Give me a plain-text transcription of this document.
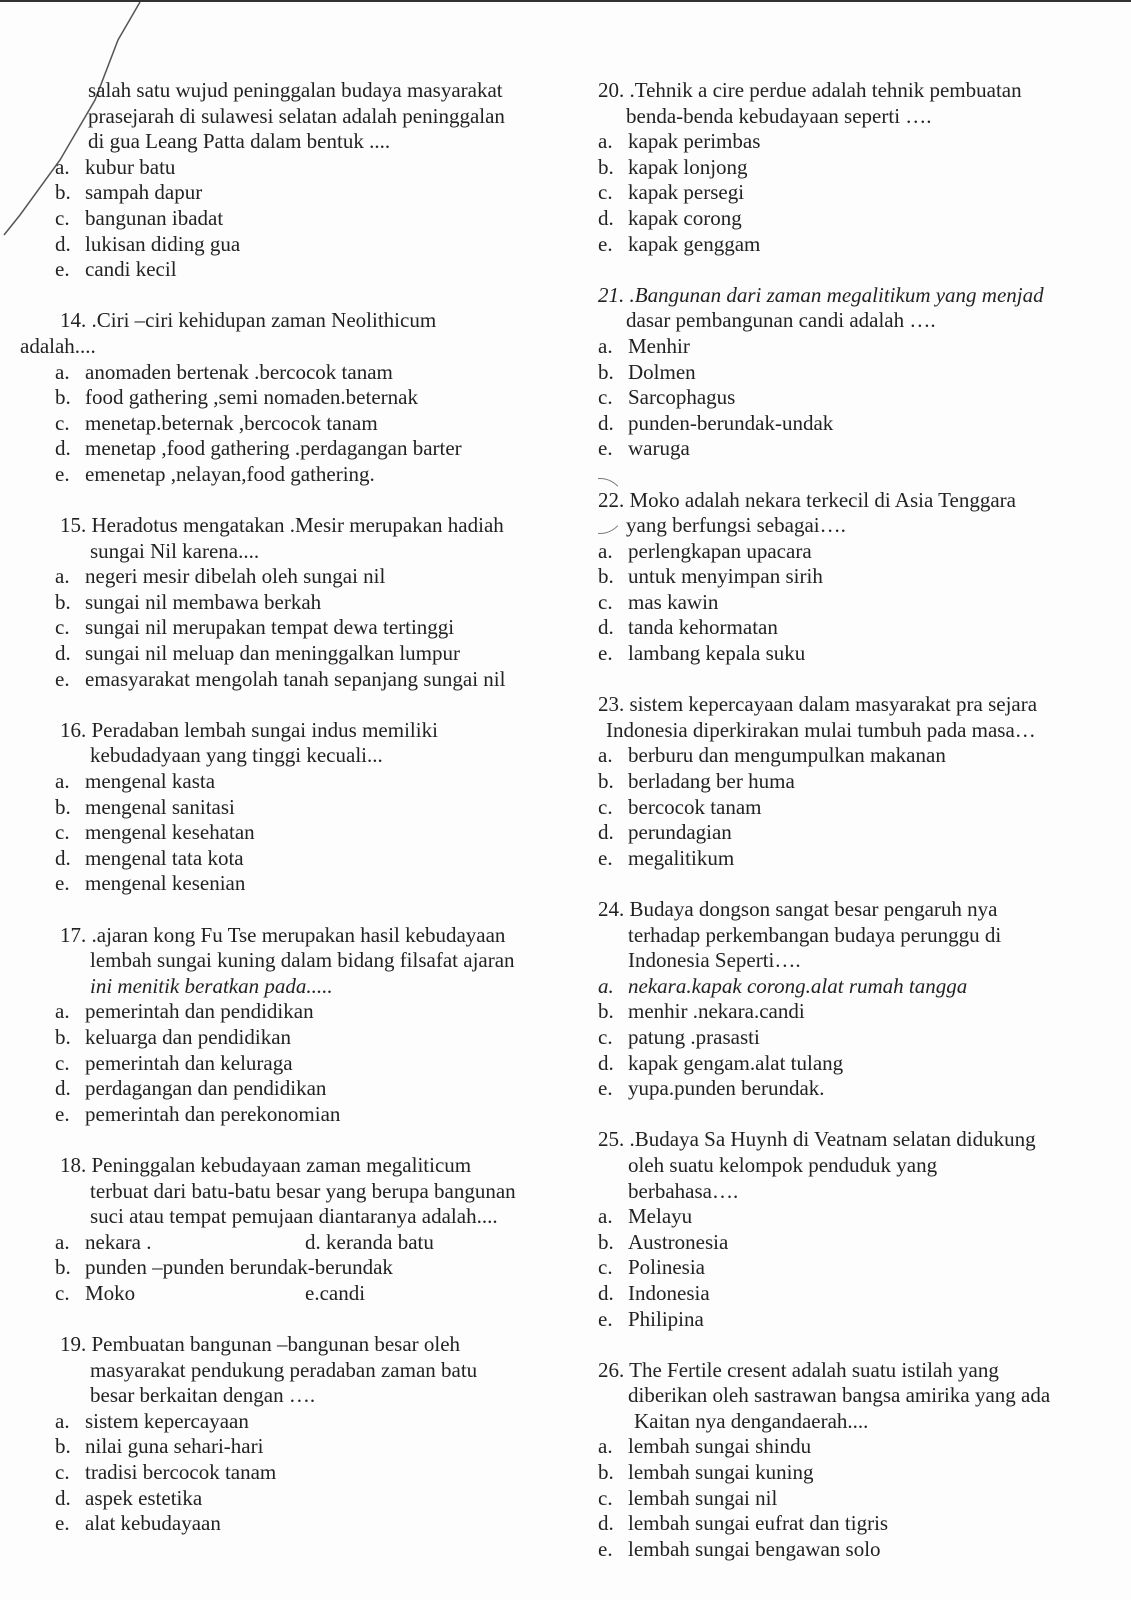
salah satu wujud peninggalan budaya masyarakat
prasejarah di sulawesi selatan adalah peninggalan
di gua Leang Patta dalam bentuk ....
a. kubur batu
b. sampah dapur
c. bangunan ibadat
d. lukisan diding gua
e. candi kecil
14. .Ciri –ciri kehidupan zaman Neolithicum
adalah....
a. anomaden bertenak .bercocok tanam
b. food gathering ,semi nomaden.beternak
c. menetap.beternak ,bercocok tanam
d. menetap ,food gathering .perdagangan barter
e. emenetap ,nelayan,food gathering.
15. Heradotus mengatakan .Mesir merupakan hadiah
sungai Nil karena....
a. negeri mesir dibelah oleh sungai nil
b. sungai nil membawa berkah
c. sungai nil merupakan tempat dewa tertinggi
d. sungai nil meluap dan meninggalkan lumpur
e. emasyarakat mengolah tanah sepanjang sungai nil
16. Peradaban lembah sungai indus memiliki
kebudadyaan yang tinggi kecuali...
a. mengenal kasta
b. mengenal sanitasi
c. mengenal kesehatan
d. mengenal tata kota
e. mengenal kesenian
17. .ajaran kong Fu Tse merupakan hasil kebudayaan
lembah sungai kuning dalam bidang filsafat ajaran
ini menitik beratkan pada.....
a. pemerintah dan pendidikan
b. keluarga dan pendidikan
c. pemerintah dan keluraga
d. perdagangan dan pendidikan
e. pemerintah dan perekonomian
18. Peninggalan kebudayaan zaman megaliticum
terbuat dari batu-batu besar yang berupa bangunan
suci atau tempat pemujaan diantaranya adalah....
a. nekara .	d. keranda batu
b. punden –punden berundak-berundak
c. Moko	e.candi
19. Pembuatan bangunan –bangunan besar oleh
masyarakat pendukung peradaban zaman batu
besar berkaitan dengan ….
a. sistem kepercayaan
b. nilai guna sehari-hari
c. tradisi bercocok tanam
d. aspek estetika
e. alat kebudayaan
20. .Tehnik a cire perdue adalah tehnik pembuatan
benda-benda kebudayaan seperti ….
a. kapak perimbas
b. kapak lonjong
c. kapak persegi
d. kapak corong
e. kapak genggam
21. .Bangunan dari zaman megalitikum yang menjad
dasar pembangunan candi adalah ….
a. Menhir
b. Dolmen
c. Sarcophagus
d. punden-berundak-undak
e. waruga
22. Moko adalah nekara terkecil di Asia Tenggara
yang berfungsi sebagai….
a. perlengkapan upacara
b. untuk menyimpan sirih
c. mas kawin
d. tanda kehormatan
e. lambang kepala suku
23. sistem kepercayaan dalam masyarakat pra sejara
Indonesia diperkirakan mulai tumbuh pada masa…
a. berburu dan mengumpulkan makanan
b. berladang ber huma
c. bercocok tanam
d. perundagian
e. megalitikum
24. Budaya dongson sangat besar pengaruh nya
terhadap perkembangan budaya perunggu di
Indonesia Seperti….
a. nekara.kapak corong.alat rumah tangga
b. menhir .nekara.candi
c. patung .prasasti
d. kapak gengam.alat tulang
e. yupa.punden berundak.
25. .Budaya Sa Huynh di Veatnam selatan didukung
oleh suatu kelompok penduduk yang
berbahasa….
a. Melayu
b. Austronesia
c. Polinesia
d. Indonesia
e. Philipina
26. The Fertile cresent adalah suatu istilah yang
diberikan oleh sastrawan bangsa amirika yang ada
Kaitan nya dengandaerah....
a. lembah sungai shindu
b. lembah sungai kuning
c. lembah sungai nil
d. lembah sungai eufrat dan tigris
e. lembah sungai bengawan solo
